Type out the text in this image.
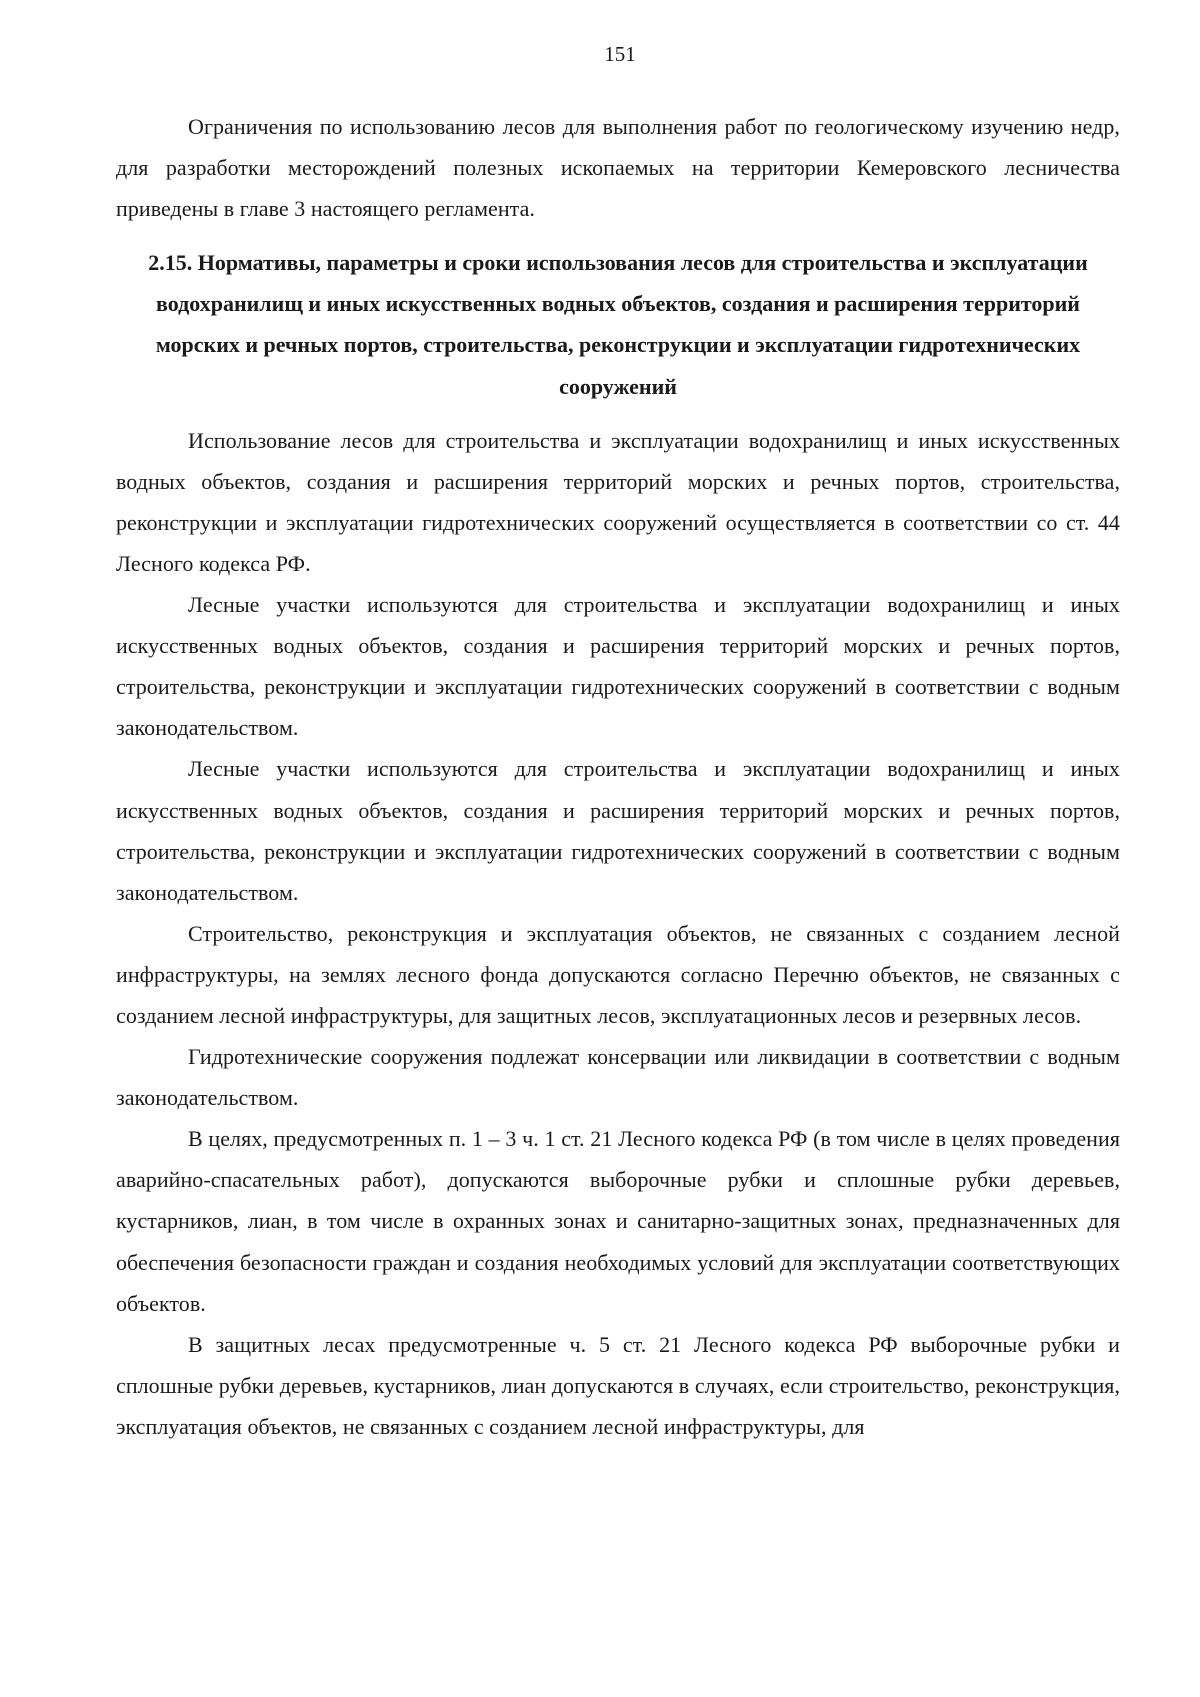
151

Ограничения по использованию лесов для выполнения работ по геологическому изучению недр, для разработки месторождений полезных ископаемых на территории Кемеровского лесничества приведены в главе 3 настоящего регламента.

2.15. Нормативы, параметры и сроки использования лесов для строительства и эксплуатации водохранилищ и иных искусственных водных объектов, создания и расширения территорий морских и речных портов, строительства, реконструкции и эксплуатации гидротехнических сооружений

Использование лесов для строительства и эксплуатации водохранилищ и иных искусственных водных объектов, создания и расширения территорий морских и речных портов, строительства, реконструкции и эксплуатации гидротехнических сооружений осуществляется в соответствии со ст. 44 Лесного кодекса РФ.

Лесные участки используются для строительства и эксплуатации водохранилищ и иных искусственных водных объектов, создания и расширения территорий морских и речных портов, строительства, реконструкции и эксплуатации гидротехнических сооружений в соответствии с водным законодательством.

Лесные участки используются для строительства и эксплуатации водохранилищ и иных искусственных водных объектов, создания и расширения территорий морских и речных портов, строительства, реконструкции и эксплуатации гидротехнических сооружений в соответствии с водным законодательством.

Строительство, реконструкция и эксплуатация объектов, не связанных с созданием лесной инфраструктуры, на землях лесного фонда допускаются согласно Перечню объектов, не связанных с созданием лесной инфраструктуры, для защитных лесов, эксплуатационных лесов и резервных лесов.

Гидротехнические сооружения подлежат консервации или ликвидации в соответствии с водным законодательством.

В целях, предусмотренных п. 1 – 3 ч. 1 ст. 21 Лесного кодекса РФ (в том числе в целях проведения аварийно-спасательных работ), допускаются выборочные рубки и сплошные рубки деревьев, кустарников, лиан, в том числе в охранных зонах и санитарно-защитных зонах, предназначенных для обеспечения безопасности граждан и создания необходимых условий для эксплуатации соответствующих объектов.

В защитных лесах предусмотренные ч. 5 ст. 21 Лесного кодекса РФ выборочные рубки и сплошные рубки деревьев, кустарников, лиан допускаются в случаях, если строительство, реконструкция, эксплуатация объектов, не связанных с созданием лесной инфраструктуры, для
